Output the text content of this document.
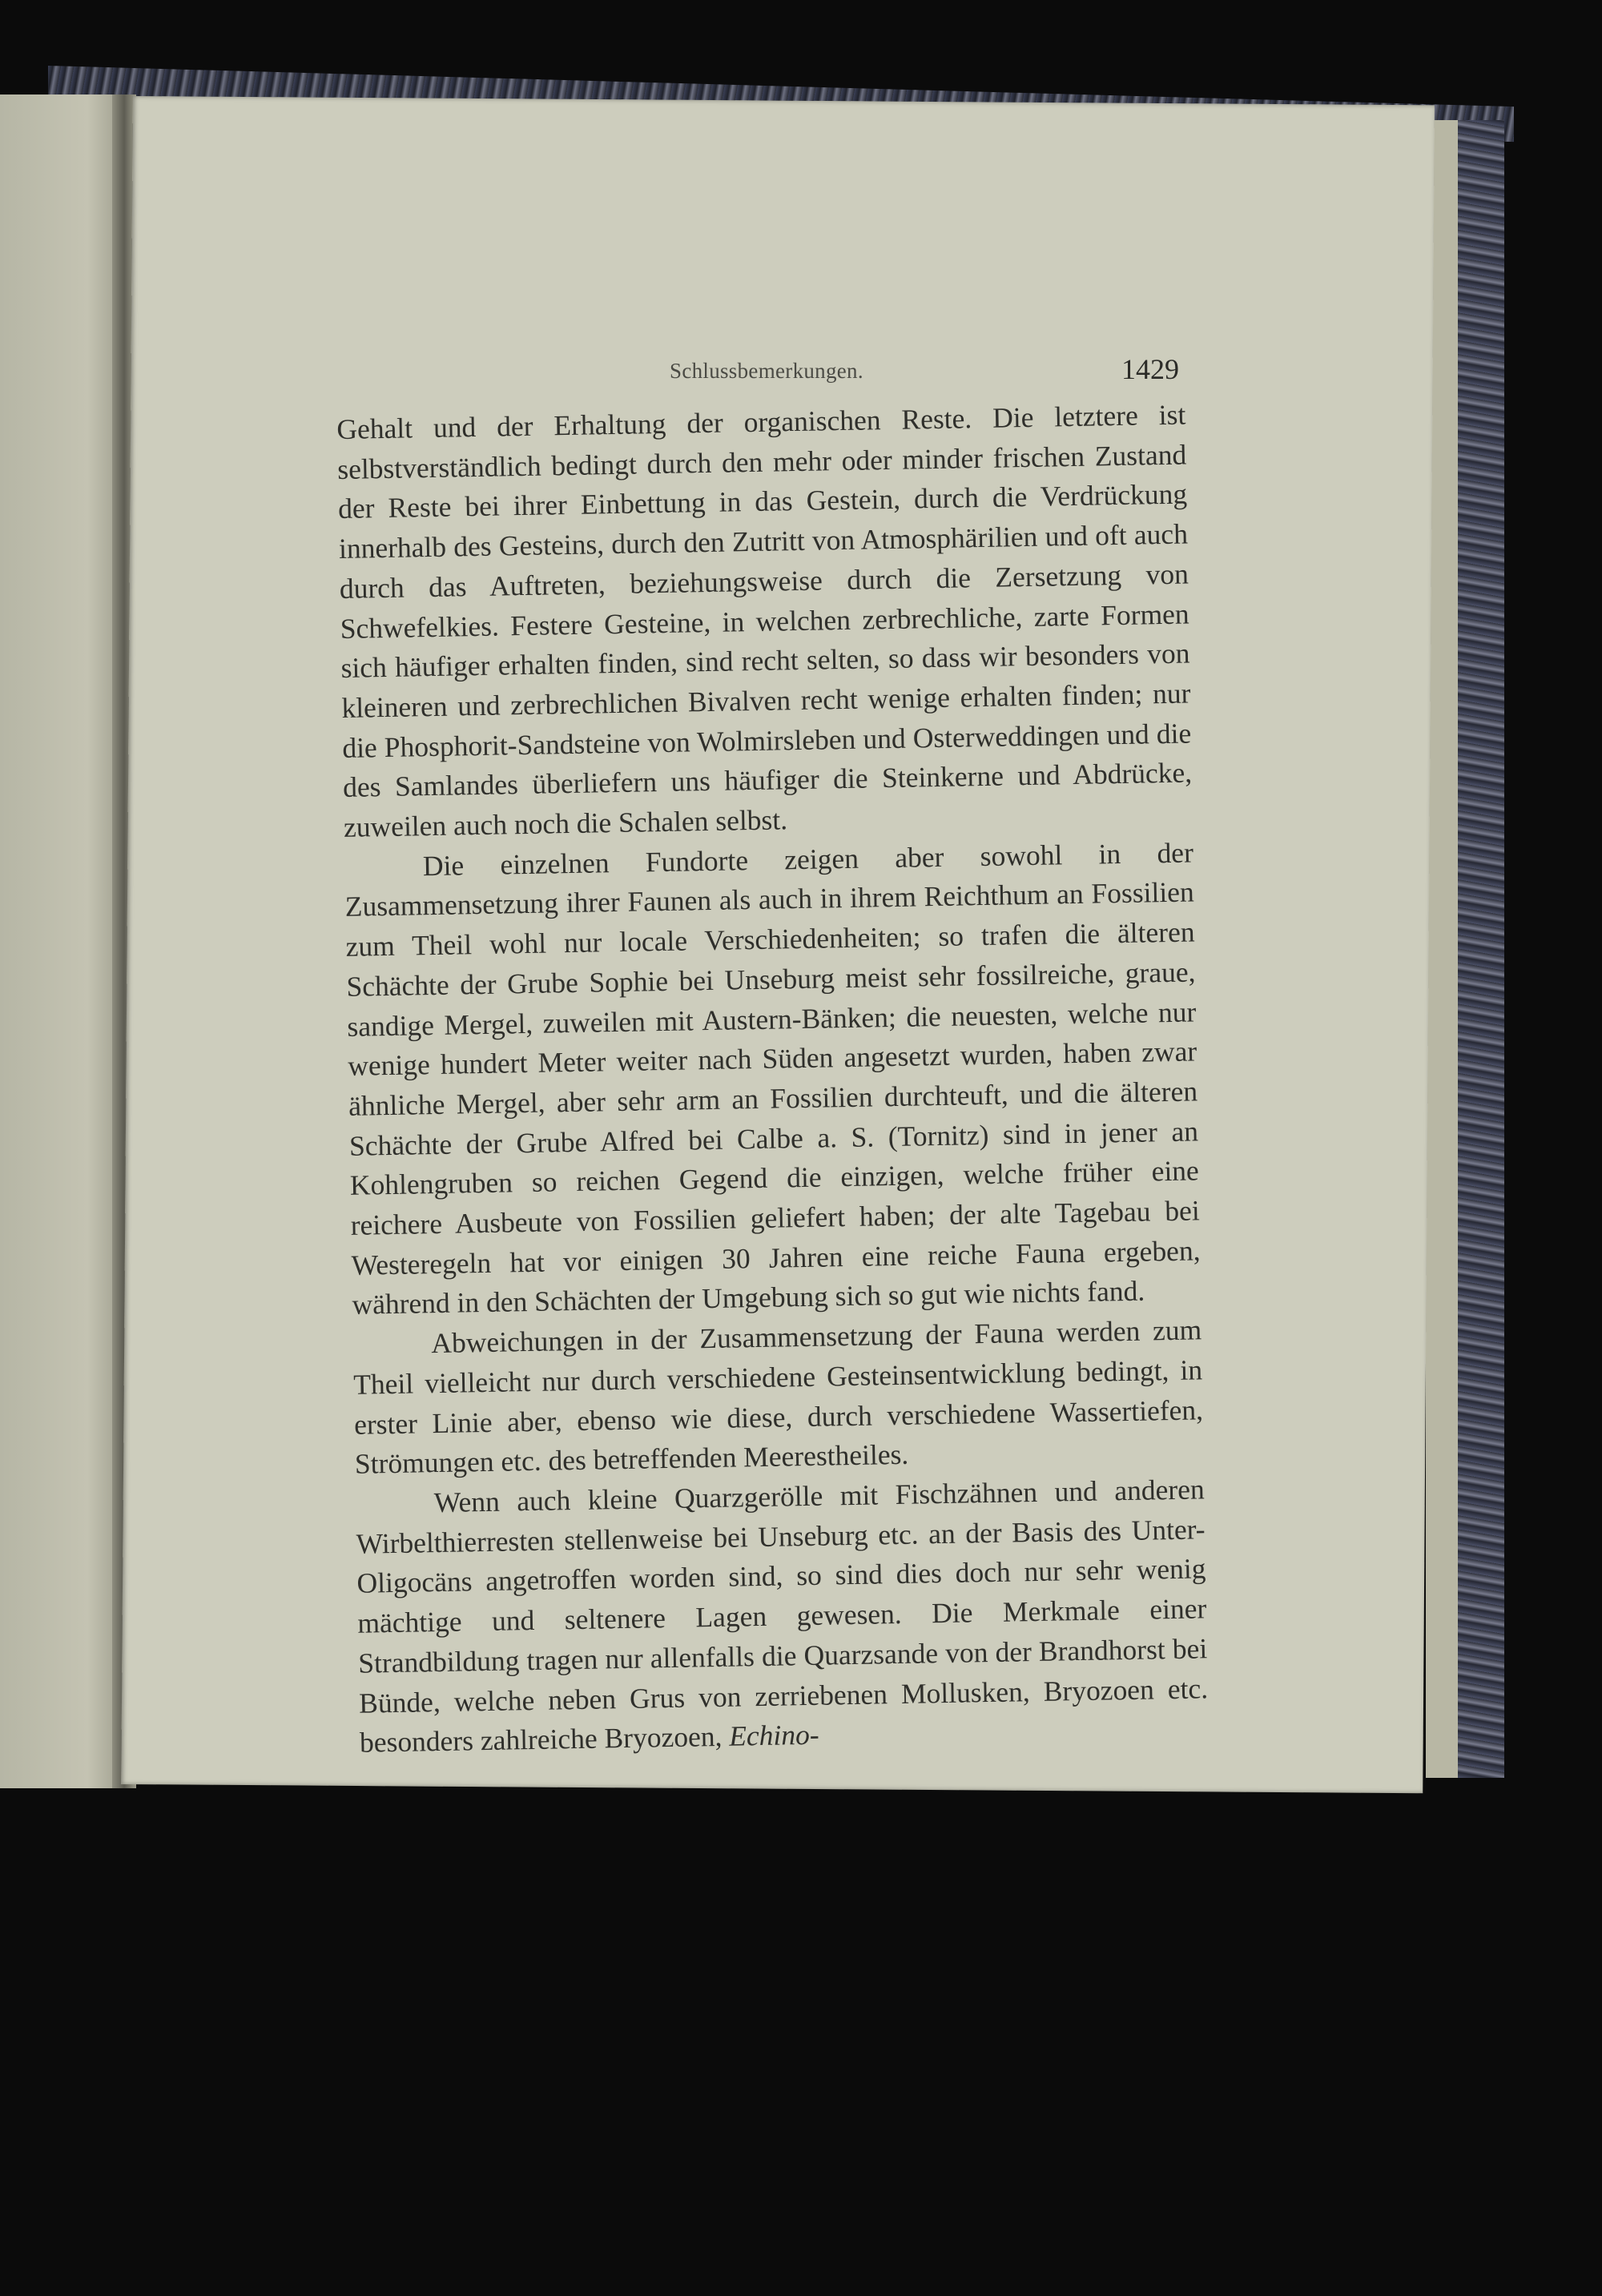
Schlussbemerkungen.	1429

Gehalt und der Erhaltung der organischen Reste. Die letztere ist selbstverständlich bedingt durch den mehr oder minder frischen Zustand der Reste bei ihrer Einbettung in das Gestein, durch die Verdrückung innerhalb des Gesteins, durch den Zutritt von Atmosphärilien und oft auch durch das Auftreten, beziehungsweise durch die Zersetzung von Schwefelkies. Festere Gesteine, in welchen zerbrechliche, zarte Formen sich häufiger erhalten finden, sind recht selten, so dass wir besonders von kleineren und zerbrechlichen Bivalven recht wenige erhalten finden; nur die Phosphorit-Sandsteine von Wolmirsleben und Osterweddingen und die des Samlandes überliefern uns häufiger die Steinkerne und Abdrücke, zuweilen auch noch die Schalen selbst.

Die einzelnen Fundorte zeigen aber sowohl in der Zusammensetzung ihrer Faunen als auch in ihrem Reichthum an Fossilien zum Theil wohl nur locale Verschiedenheiten; so trafen die älteren Schächte der Grube Sophie bei Unseburg meist sehr fossilreiche, graue, sandige Mergel, zuweilen mit Austern-Bänken; die neuesten, welche nur wenige hundert Meter weiter nach Süden angesetzt wurden, haben zwar ähnliche Mergel, aber sehr arm an Fossilien durchteuft, und die älteren Schächte der Grube Alfred bei Calbe a. S. (Tornitz) sind in jener an Kohlengruben so reichen Gegend die einzigen, welche früher eine reichere Ausbeute von Fossilien geliefert haben; der alte Tagebau bei Westeregeln hat vor einigen 30 Jahren eine reiche Fauna ergeben, während in den Schächten der Umgebung sich so gut wie nichts fand.

Abweichungen in der Zusammensetzung der Fauna werden zum Theil vielleicht nur durch verschiedene Gesteinsentwicklung bedingt, in erster Linie aber, ebenso wie diese, durch verschiedene Wassertiefen, Strömungen etc. des betreffenden Meerestheiles.

Wenn auch kleine Quarzgerölle mit Fischzähnen und anderen Wirbelthierresten stellenweise bei Unseburg etc. an der Basis des Unter-Oligocäns angetroffen worden sind, so sind dies doch nur sehr wenig mächtige und seltenere Lagen gewesen. Die Merkmale einer Strandbildung tragen nur allenfalls die Quarzsande von der Brandhorst bei Bünde, welche neben Grus von zerriebenen Mollusken, Bryozoen etc. besonders zahlreiche Bryozoen, Echino-
